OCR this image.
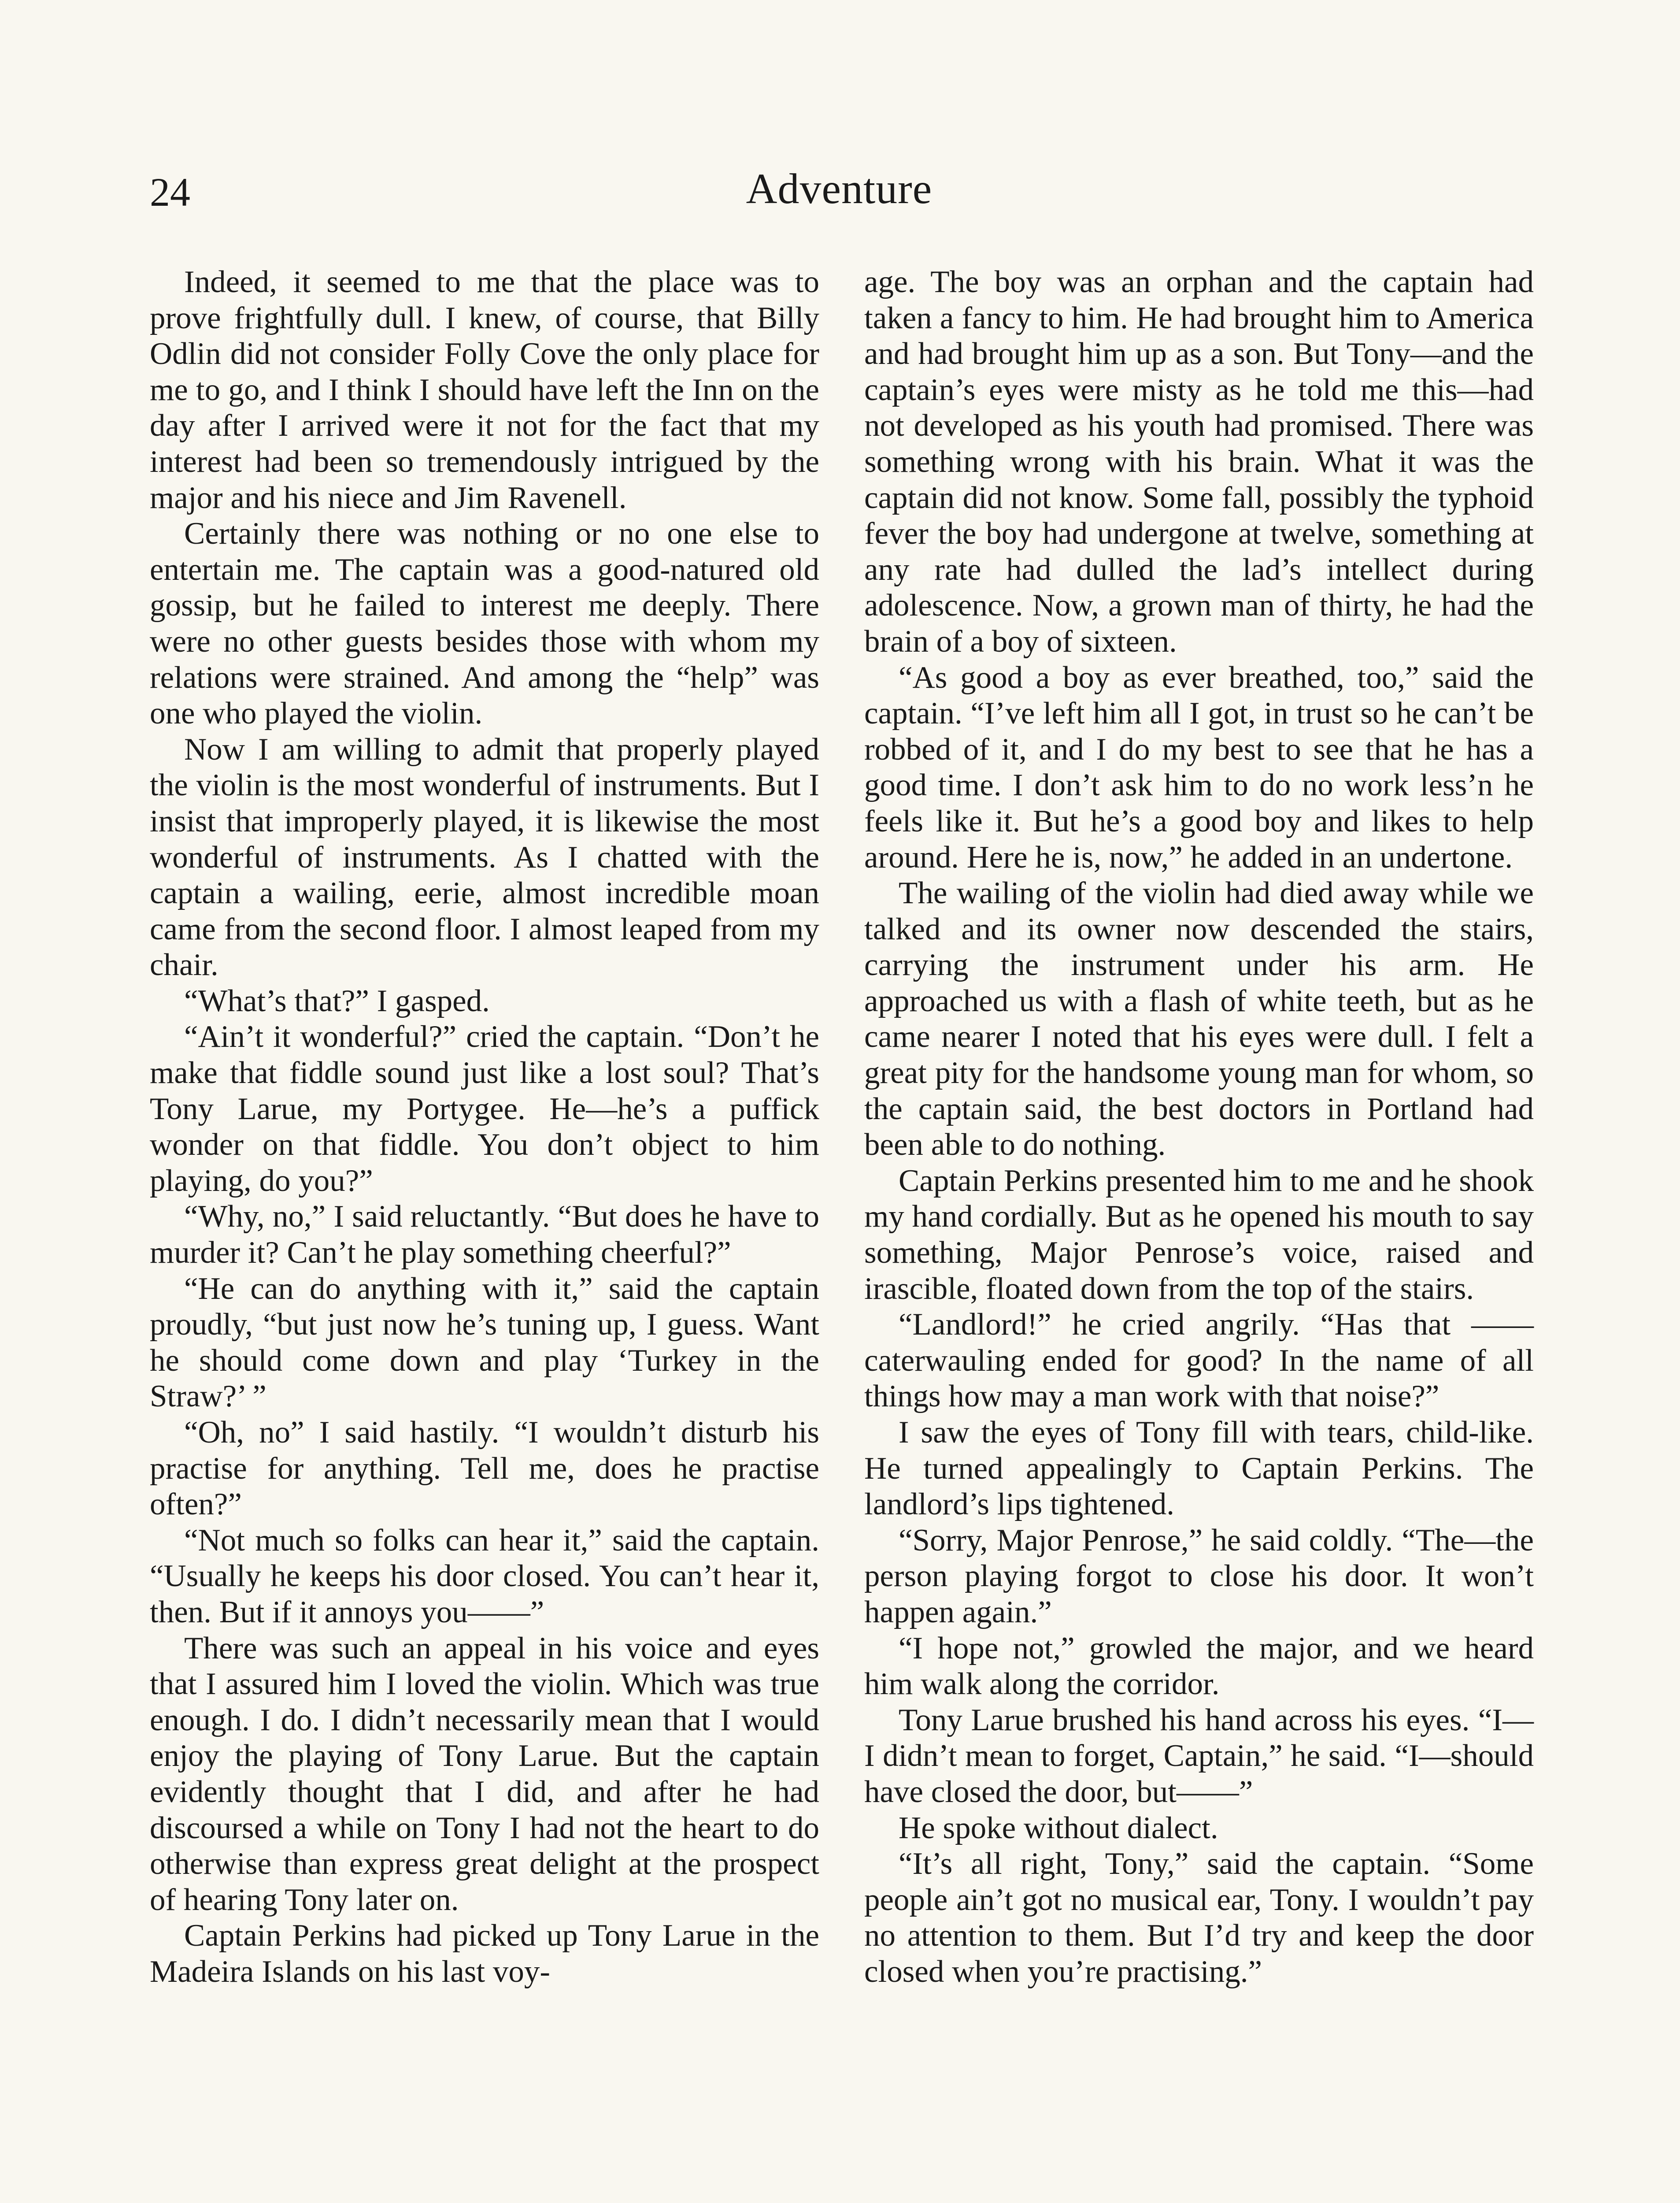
24	Adventure

Indeed, it seemed to me that the place was to prove frightfully dull. I knew, of course, that Billy Odlin did not consider Folly Cove the only place for me to go, and I think I should have left the Inn on the day after I arrived were it not for the fact that my interest had been so tremendously intrigued by the major and his niece and Jim Ravenell.

Certainly there was nothing or no one else to entertain me. The captain was a good-natured old gossip, but he failed to interest me deeply. There were no other guests besides those with whom my relations were strained. And among the “help” was one who played the violin.

Now I am willing to admit that properly played the violin is the most wonderful of instruments. But I insist that improperly played, it is likewise the most wonderful of instruments. As I chatted with the captain a wailing, eerie, almost incredible moan came from the second floor. I almost leaped from my chair.

“What’s that?” I gasped.

“Ain’t it wonderful?” cried the captain. “Don’t he make that fiddle sound just like a lost soul? That’s Tony Larue, my Portygee. He—he’s a puffick wonder on that fiddle. You don’t object to him playing, do you?”

“Why, no,” I said reluctantly. “But does he have to murder it? Can’t he play something cheerful?”

“He can do anything with it,” said the captain proudly, “but just now he’s tuning up, I guess. Want he should come down and play ‘Turkey in the Straw?’ ”

“Oh, no” I said hastily. “I wouldn’t disturb his practise for anything. Tell me, does he practise often?”

“Not much so folks can hear it,” said the captain. “Usually he keeps his door closed. You can’t hear it, then. But if it annoys you——”

There was such an appeal in his voice and eyes that I assured him I loved the violin. Which was true enough. I do. I didn’t necessarily mean that I would enjoy the playing of Tony Larue. But the captain evidently thought that I did, and after he had discoursed a while on Tony I had not the heart to do otherwise than express great delight at the prospect of hearing Tony later on.

Captain Perkins had picked up Tony Larue in the Madeira Islands on his last voy-

age. The boy was an orphan and the captain had taken a fancy to him. He had brought him to America and had brought him up as a son. But Tony—and the captain’s eyes were misty as he told me this—had not developed as his youth had promised. There was something wrong with his brain. What it was the captain did not know. Some fall, possibly the typhoid fever the boy had undergone at twelve, something at any rate had dulled the lad’s intellect during adolescence. Now, a grown man of thirty, he had the brain of a boy of sixteen.

“As good a boy as ever breathed, too,” said the captain. “I’ve left him all I got, in trust so he can’t be robbed of it, and I do my best to see that he has a good time. I don’t ask him to do no work less’n he feels like it. But he’s a good boy and likes to help around. Here he is, now,” he added in an undertone.

The wailing of the violin had died away while we talked and its owner now descended the stairs, carrying the instrument under his arm. He approached us with a flash of white teeth, but as he came nearer I noted that his eyes were dull. I felt a great pity for the handsome young man for whom, so the captain said, the best doctors in Portland had been able to do nothing.

Captain Perkins presented him to me and he shook my hand cordially. But as he opened his mouth to say something, Major Penrose’s voice, raised and irascible, floated down from the top of the stairs.

“Landlord!” he cried angrily. “Has that —— caterwauling ended for good? In the name of all things how may a man work with that noise?”

I saw the eyes of Tony fill with tears, child-like. He turned appealingly to Captain Perkins. The landlord’s lips tightened.

“Sorry, Major Penrose,” he said coldly. “The—the person playing forgot to close his door. It won’t happen again.”

“I hope not,” growled the major, and we heard him walk along the corridor.

Tony Larue brushed his hand across his eyes. “I—I didn’t mean to forget, Captain,” he said. “I—should have closed the door, but——”

He spoke without dialect.

“It’s all right, Tony,” said the captain. “Some people ain’t got no musical ear, Tony. I wouldn’t pay no attention to them. But I’d try and keep the door closed when you’re practising.”
